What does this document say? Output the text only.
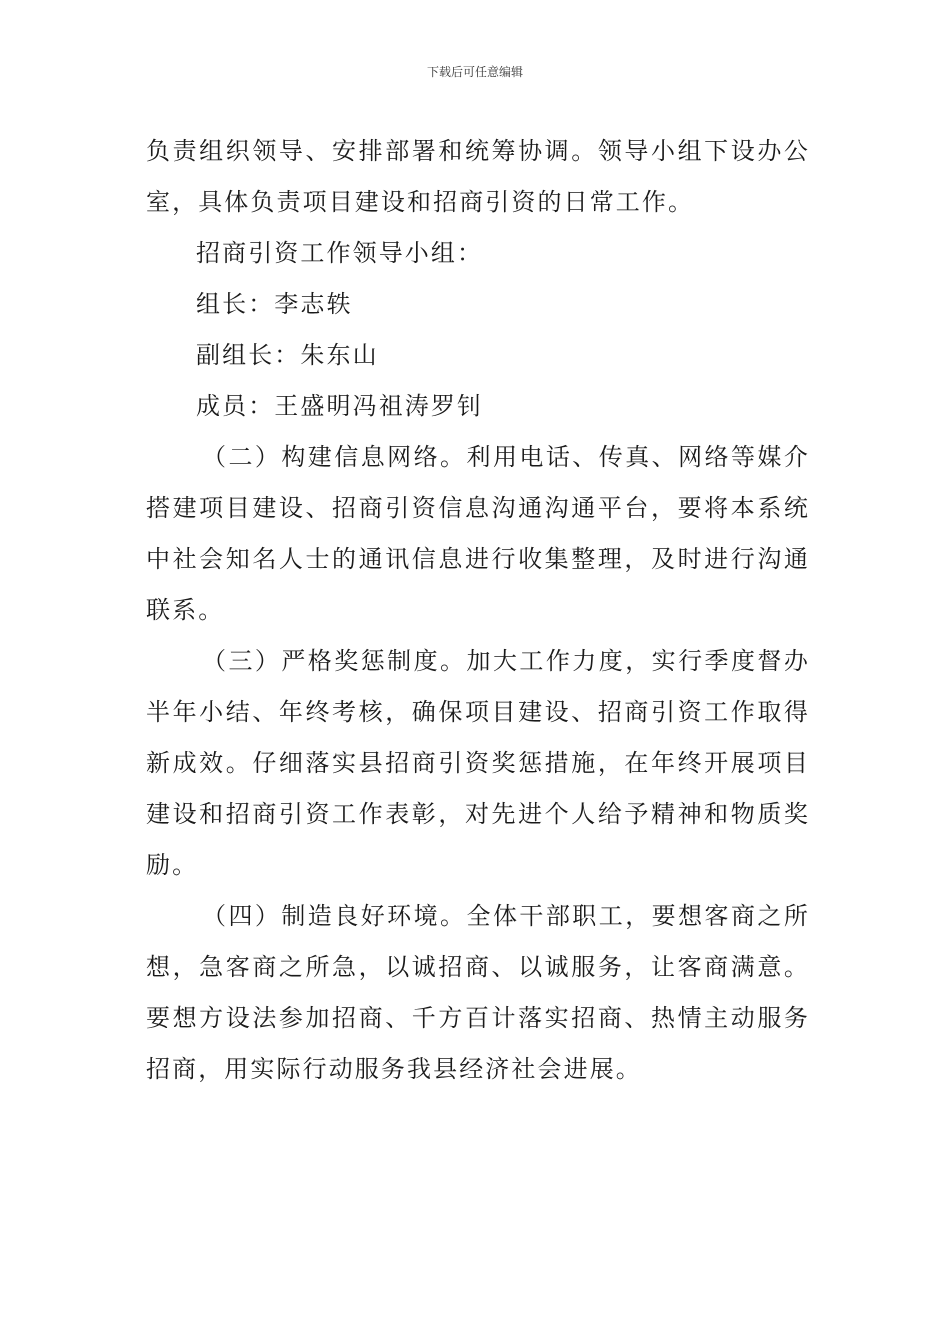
下载后可任意编辑

负责组织领导、安排部署和统筹协调。领导小组下设办公室，具体负责项目建设和招商引资的日常工作。

招商引资工作领导小组：

组长：李志轶

副组长：朱东山

成员：王盛明冯祖涛罗钊

（二）构建信息网络。利用电话、传真、网络等媒介搭建项目建设、招商引资信息沟通沟通平台，要将本系统中社会知名人士的通讯信息进行收集整理，及时进行沟通联系。

（三）严格奖惩制度。加大工作力度，实行季度督办半年小结、年终考核，确保项目建设、招商引资工作取得新成效。仔细落实县招商引资奖惩措施，在年终开展项目建设和招商引资工作表彰，对先进个人给予精神和物质奖励。

（四）制造良好环境。全体干部职工，要想客商之所想，急客商之所急，以诚招商、以诚服务，让客商满意。要想方设法参加招商、千方百计落实招商、热情主动服务招商，用实际行动服务我县经济社会进展。
